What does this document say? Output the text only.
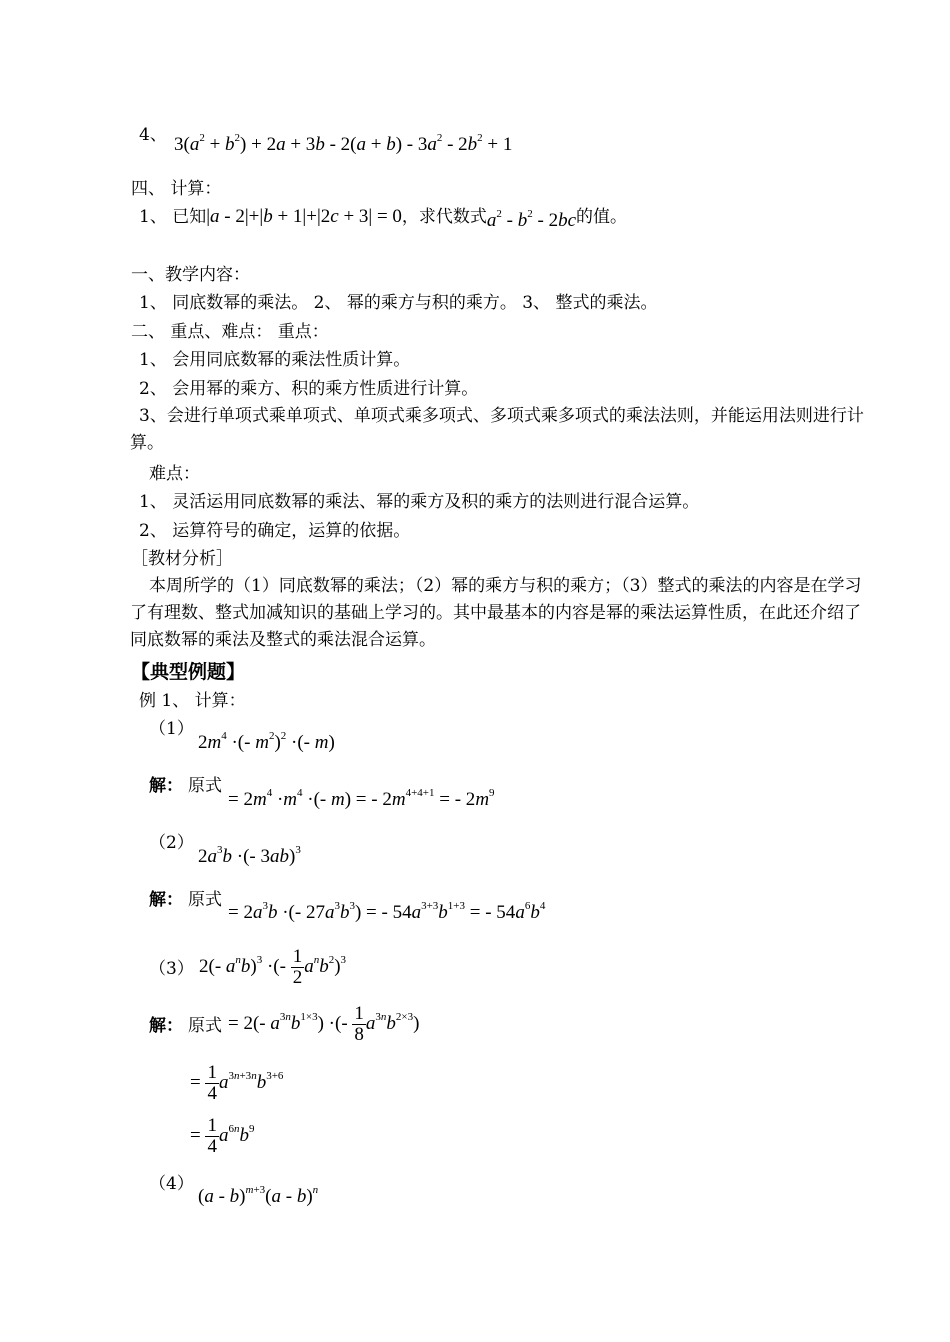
4、 $3(a^2 + b^2) + 2a + 3b - 2(a + b) - 3a^2 - 2b^2 + 1$
四、 计算：
1、 已知|a - 2|+|b + 1|+|2c + 3| = 0，求代数式$a^2 - b^2 - 2bc$的值。
一、教学内容：
1、 同底数幂的乘法。 2、 幂的乘方与积的乘方。 3、 整式的乘法。
二、 重点、难点： 重点：
1、 会用同底数幂的乘法性质计算。
2、 会用幂的乘方、积的乘方性质进行计算。
3、会进行单项式乘单项式、单项式乘多项式、多项式乘多项式的乘法法则，并能运用法则进行计算。
难点：
1、 灵活运用同底数幂的乘法、幂的乘方及积的乘方的法则进行混合运算。
2、 运算符号的确定，运算的依据。
［教材分析］
本周所学的（1）同底数幂的乘法；（2）幂的乘方与积的乘方；（3）整式的乘法的内容是在学习了有理数、整式加减知识的基础上学习的。其中最基本的内容是幂的乘法运算性质，在此还介绍了同底数幂的乘法及整式的乘法混合运算。
【典型例题】
例 1、 计算：
（1）
$2m^4$ ·(- $m^2)^2$ ·(- m)
解： 原式
= $2m^4 \cdot m^4$ ·(- m) = - $2m^{4+4+1}$ = - $2m^9$
（2）
$2a^3b$ ·(- 3ab)$^3$
解： 原式
= $2a^3b$ ·(- $27a^3b^3$) = - $54a^{3+3}b^{1+3}$ = - $54a^6b^4$
（3） 2(- $a^nb)^3$ ·(- $\frac{1}{2} a^nb^2)^3$
解： 原式 = 2(- $a^{3n}b^{1\times 3}$) ·(- $\frac{1}{8} a^{3n}b^{2\times 3}$)
= $\frac{1}{4} a^{3n+3n}b^{3+6}$
= $\frac{1}{4} a^{6n}b^9$
（4）
(a - b)$^{m+3}$(a - b)$^n$
